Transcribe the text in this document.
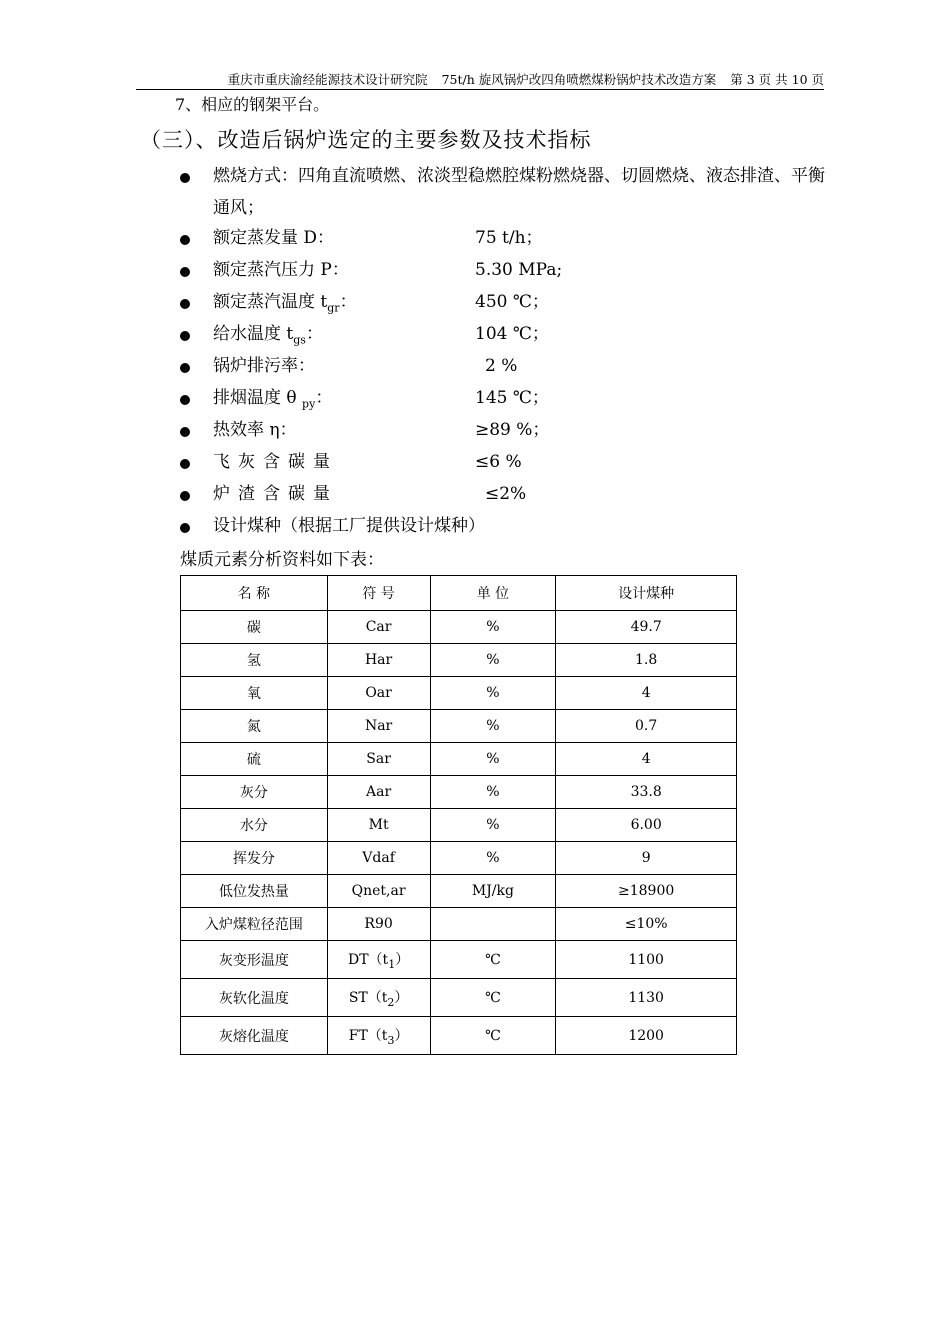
重庆市重庆渝经能源技术设计研究院 75t/h 旋风锅炉改四角喷燃煤粉锅炉技术改造方案 第 3 页 共 10 页
7、相应的钢架平台。
（三）、改造后锅炉选定的主要参数及技术指标
燃烧方式：四角直流喷燃、浓淡型稳燃腔煤粉燃烧器、切圆燃烧、液态排渣、平衡通风；
额定蒸发量 D：	75 t/h；
额定蒸汽压力 P：	5.30 MPa;
额定蒸汽温度 $t_{gr}$：	450 ℃；
给水温度 $t_{gs}$：	104 ℃；
锅炉排污率：	2 %
排烟温度 θ $_{py}$：	145 ℃；
热效率 η：	≥89 %；
飞灰含碳量	≤6 %
炉渣含碳量	≤2%
设计煤种（根据工厂提供设计煤种）
煤质元素分析资料如下表：
名 称	符 号	单 位	设计煤种
碳	Car	%	49.7
氢	Har	%	1.8
氧	Oar	%	4
氮	Nar	%	0.7
硫	Sar	%	4
灰分	Aar	%	33.8
水分	Mt	%	6.00
挥发分	Vdaf	%	9
低位发热量	Qnet,ar	MJ/kg	≥18900
入炉煤粒径范围	R90		≤10%
灰变形温度	$DT(t_1)$	℃	1100
灰软化温度	$ST(t_2)$	℃	1130
灰熔化温度	$FT(t_3)$	℃	1200
